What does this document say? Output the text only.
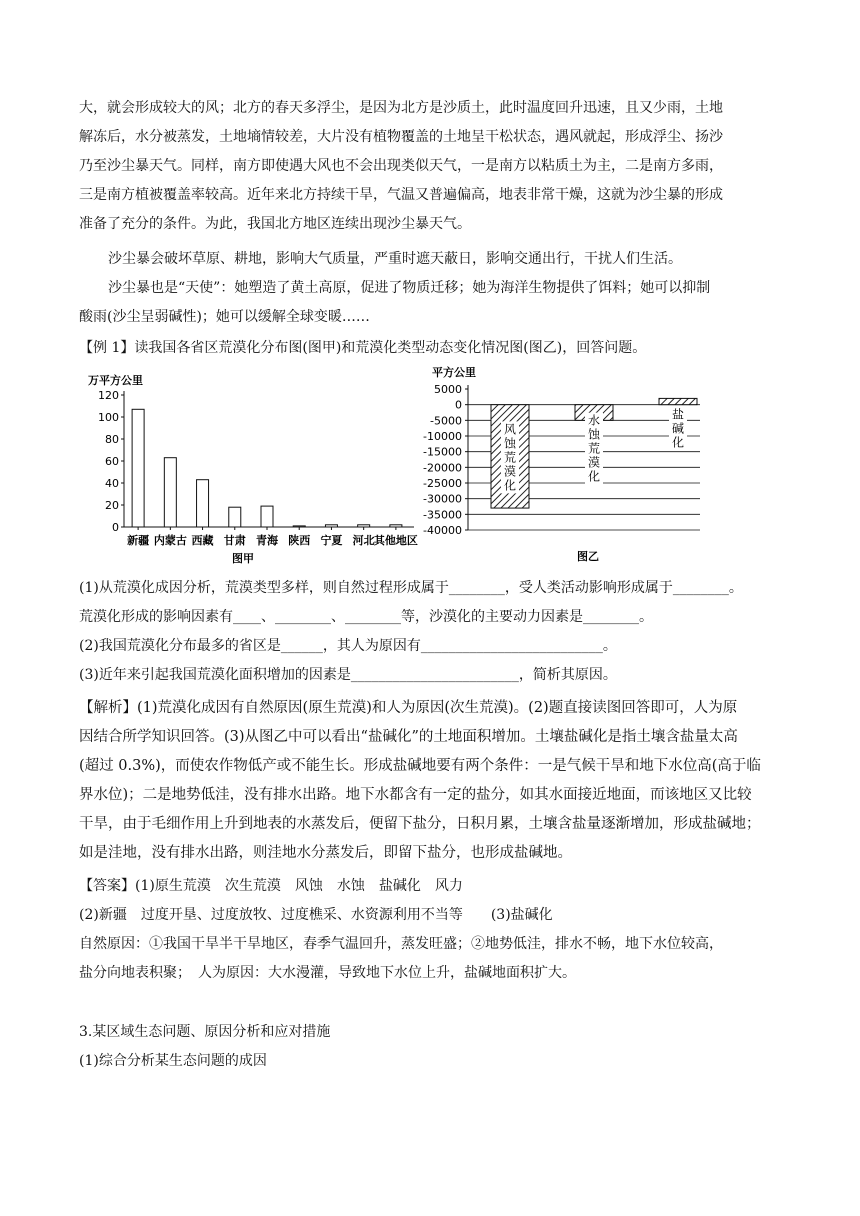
大，就会形成较大的风；北方的春天多浮尘，是因为北方是沙质土，此时温度回升迅速，且又少雨，土地
解冻后，水分被蒸发，土地墒情较差，大片没有植物覆盖的土地呈干松状态，遇风就起，形成浮尘、扬沙
乃至沙尘暴天气。同样，南方即使遇大风也不会出现类似天气，一是南方以粘质土为主，二是南方多雨，
三是南方植被覆盖率较高。近年来北方持续干旱，气温又普遍偏高，地表非常干燥，这就为沙尘暴的形成
准备了充分的条件。为此，我国北方地区连续出现沙尘暴天气。
沙尘暴会破坏草原、耕地，影响大气质量，严重时遮天蔽日，影响交通出行，干扰人们生活。
沙尘暴也是“天使”：她塑造了黄土高原，促进了物质迁移；她为海洋生物提供了饵料；她可以抑制
酸雨(沙尘呈弱碱性)；她可以缓解全球变暖……
【例 1】读我国各省区荒漠化分布图(图甲)和荒漠化类型动态变化情况图(图乙)，回答问题。
万平方公里
0
20
40
60
80
100
120
新疆 内蒙古 西藏 甘肃 青海 陕西 宁夏 河北 其他地区
图甲
平方公里
5000
0
-5000
-10000
-15000
-20000
-25000
-30000
-35000
-40000
风
蚀
荒
漠
化
水
蚀
荒
漠
化
盐
碱
化
图乙
(1)从荒漠化成因分析，荒漠类型多样，则自然过程形成属于________，受人类活动影响形成属于________。
荒漠化形成的影响因素有____、________、________等，沙漠化的主要动力因素是________。
(2)我国荒漠化分布最多的省区是______，其人为原因有__________________________。
(3)近年来引起我国荒漠化面积增加的因素是________________________，简析其原因。
【解析】(1)荒漠化成因有自然原因(原生荒漠)和人为原因(次生荒漠)。(2)题直接读图回答即可，人为原
因结合所学知识回答。(3)从图乙中可以看出“盐碱化”的土地面积增加。土壤盐碱化是指土壤含盐量太高
(超过 0.3%)，而使农作物低产或不能生长。形成盐碱地要有两个条件：一是气候干旱和地下水位高(高于临
界水位)；二是地势低洼，没有排水出路。地下水都含有一定的盐分，如其水面接近地面，而该地区又比较
干旱，由于毛细作用上升到地表的水蒸发后，便留下盐分，日积月累，土壤含盐量逐渐增加，形成盐碱地；
如是洼地，没有排水出路，则洼地水分蒸发后，即留下盐分，也形成盐碱地。
【答案】(1)原生荒漠　次生荒漠　风蚀　水蚀　盐碱化　风力
(2)新疆　过度开垦、过度放牧、过度樵采、水资源利用不当等　　(3)盐碱化
自然原因：①我国干旱半干旱地区，春季气温回升，蒸发旺盛；②地势低洼，排水不畅，地下水位较高，
盐分向地表积聚；　人为原因：大水漫灌，导致地下水位上升，盐碱地面积扩大。
3.某区域生态问题、原因分析和应对措施
(1)综合分析某生态问题的成因
